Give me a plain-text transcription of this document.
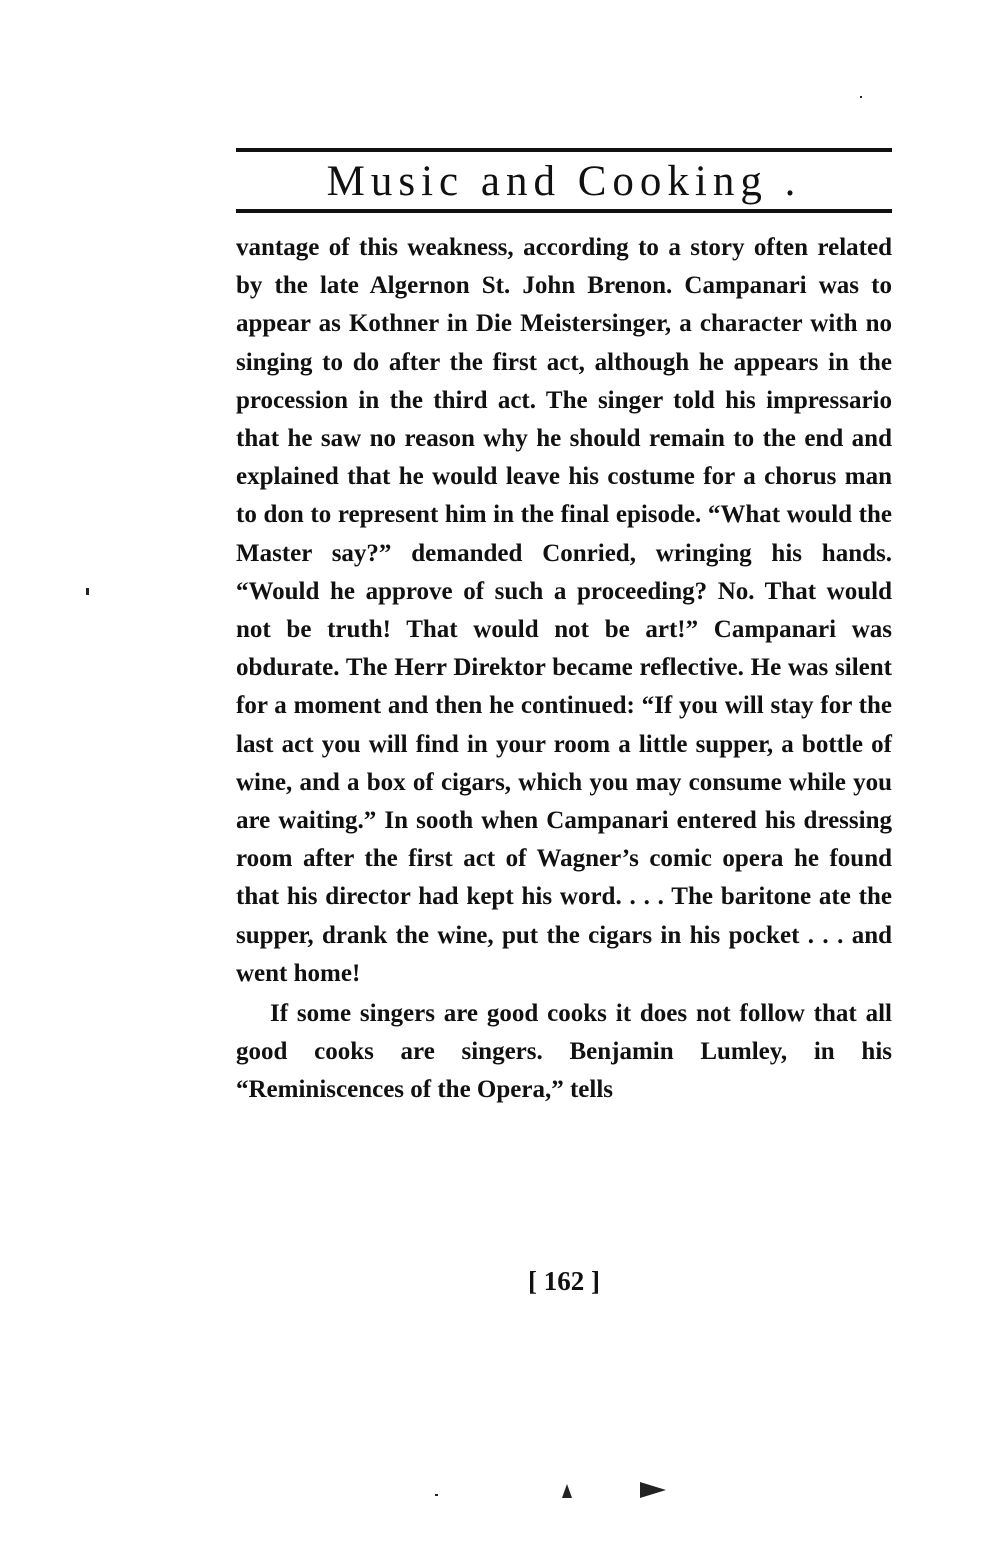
Music and Cooking .

vantage of this weakness, according to a story often related by the late Algernon St. John Brenon. Campanari was to appear as Kothner in Die Meistersinger, a character with no singing to do after the first act, although he appears in the procession in the third act. The singer told his impressario that he saw no reason why he should remain to the end and explained that he would leave his costume for a chorus man to don to represent him in the final episode. “What would the Master say?” demanded Conried, wringing his hands. “Would he approve of such a proceeding? No. That would not be truth! That would not be art!” Campanari was obdurate. The Herr Direktor became reflective. He was silent for a moment and then he continued: “If you will stay for the last act you will find in your room a little supper, a bottle of wine, and a box of cigars, which you may consume while you are waiting.” In sooth when Campanari entered his dressing room after the first act of Wagner’s comic opera he found that his director had kept his word. . . . The baritone ate the supper, drank the wine, put the cigars in his pocket . . . and went home!

If some singers are good cooks it does not follow that all good cooks are singers. Benjamin Lumley, in his “Reminiscences of the Opera,” tells

[ 162 ]
